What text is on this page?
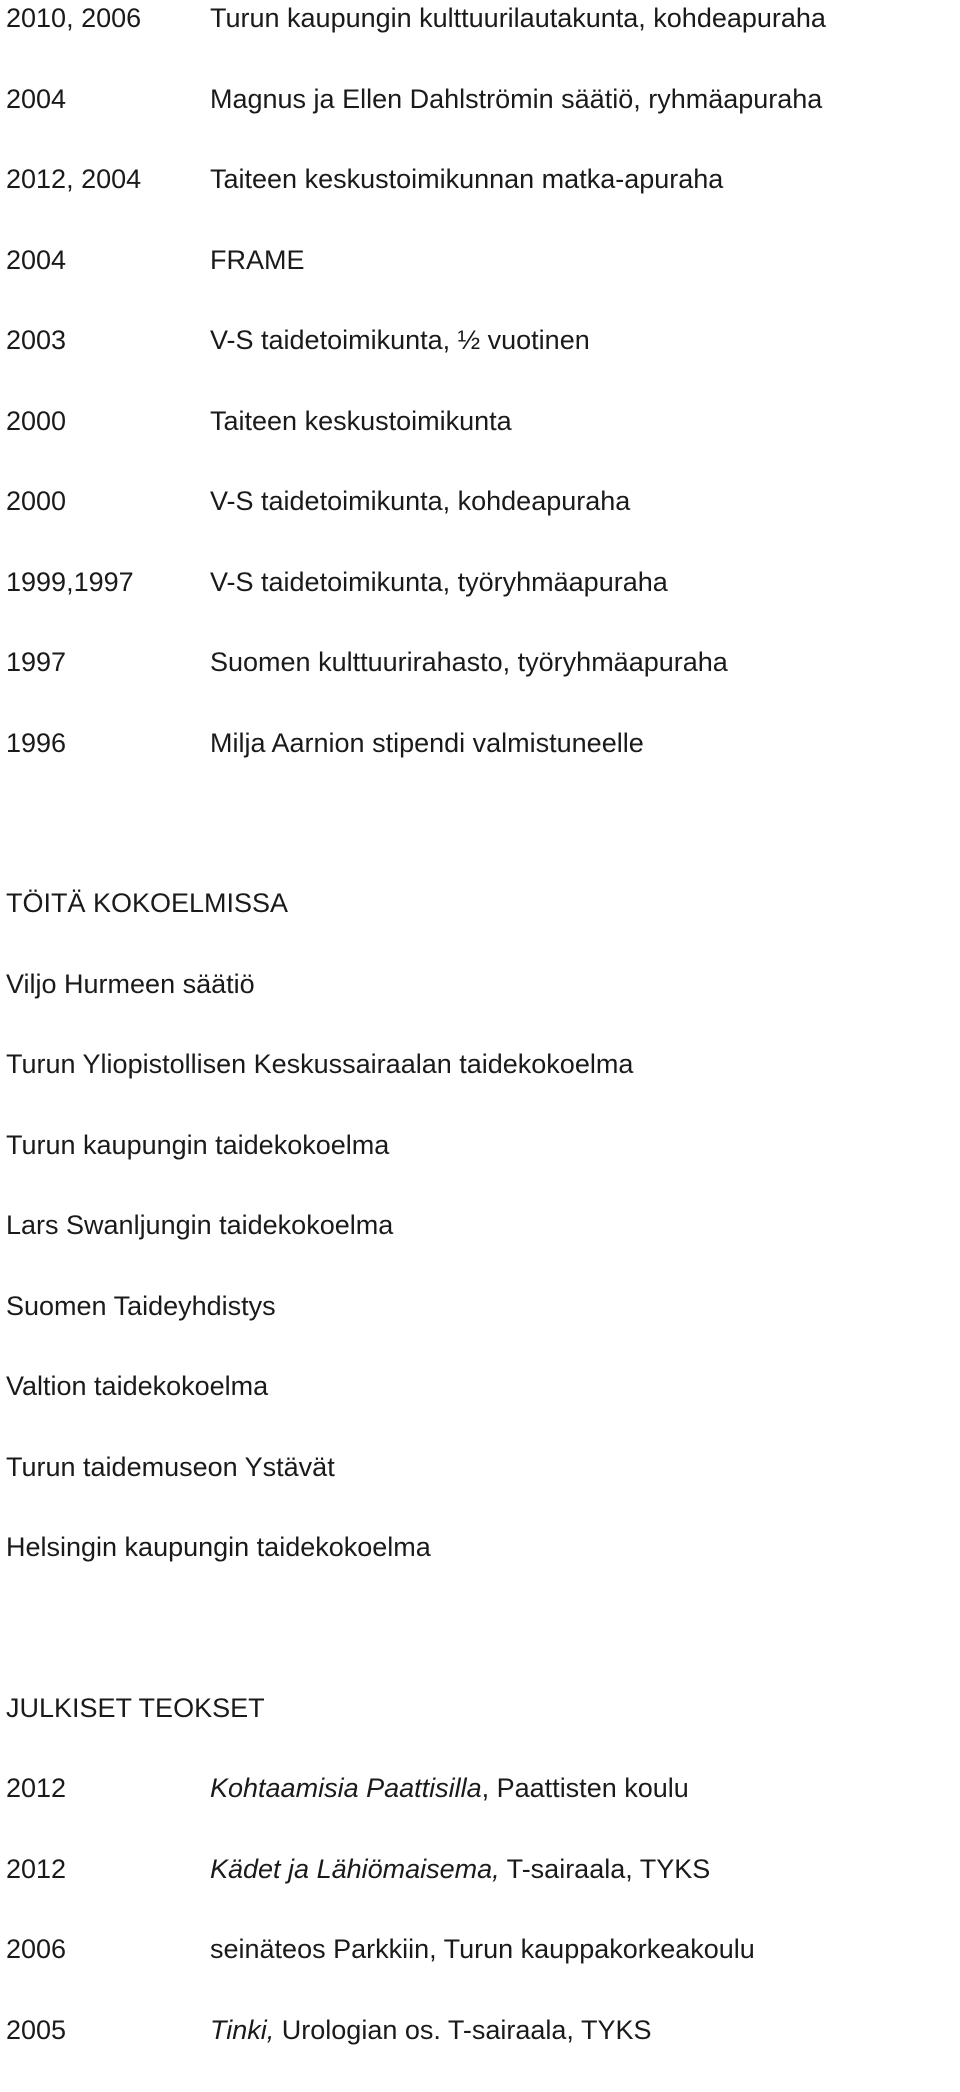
2010, 2006	Turun kaupungin kulttuurilautakunta, kohdeapuraha
2004	Magnus ja Ellen Dahlströmin säätiö, ryhmäapuraha
2012, 2004	Taiteen keskustoimikunnan matka-apuraha
2004	FRAME
2003	V-S taidetoimikunta, ½ vuotinen
2000	Taiteen keskustoimikunta
2000	V-S taidetoimikunta, kohdeapuraha
1999,1997	V-S taidetoimikunta, työryhmäapuraha
1997	Suomen kulttuurirahasto, työryhmäapuraha
1996	Milja Aarnion stipendi valmistuneelle
TÖITÄ KOKOELMISSA
Viljo Hurmeen säätiö
Turun Yliopistollisen Keskussairaalan taidekokoelma
Turun kaupungin taidekokoelma
Lars Swanljungin taidekokoelma
Suomen Taideyhdistys
Valtion taidekokoelma
Turun taidemuseon Ystävät
Helsingin kaupungin taidekokoelma
JULKISET TEOKSET
2012	Kohtaamisia Paattisilla, Paattisten koulu
2012	Kädet ja Lähiömaisema, T-sairaala, TYKS
2006	seinäteos Parkkiin, Turun kauppakorkeakoulu
2005	Tinki, Urologian os. T-sairaala, TYKS
